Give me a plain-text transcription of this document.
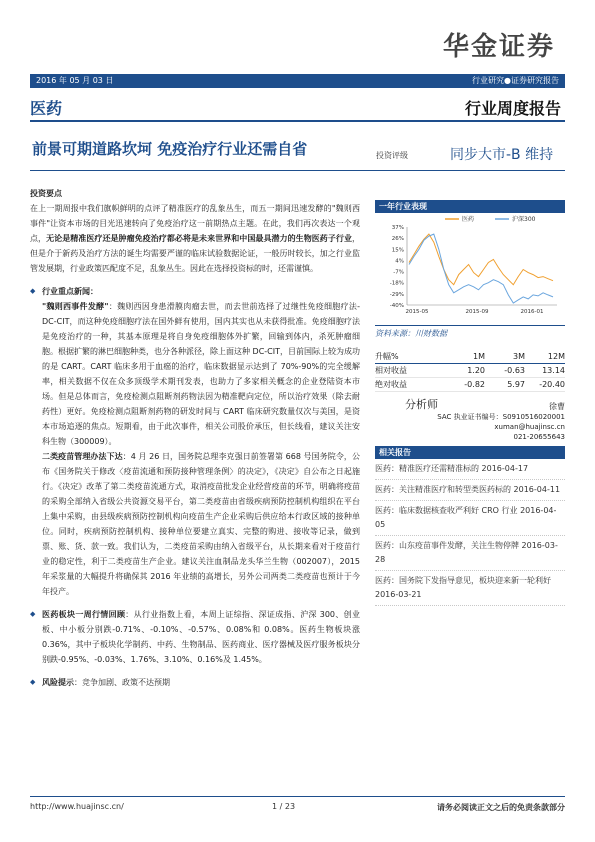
华金证券
2016 年 05 月 03 日	行业研究●证券研究报告
医药	行业周度报告
前景可期道路坎坷 免疫治疗行业还需自省	投资评级	同步大市-B 维持

投资要点

在上一期周报中我们旗帜鲜明的点评了精准医疗的乱象丛生，而五一期间迅速发酵的"魏则西事件"让资本市场的目光迅速转向了免疫治疗这一前期热点主题。在此，我们再次表达一个观点，无论是精准医疗还是肿瘤免疫治疗都必将是未来世界和中国最具潜力的生物医药子行业，但是介于新药及治疗方法的诞生均需要严谨的临床试验数据论证，一般历时较长，加之行业监管发展期，行业政策匹配度不足，乱象丛生。因此在选择投资标的时，还需谨慎。

◆ 行业重点新闻：

"魏则西事件发酵"：魏则西因身患滑膜肉瘤去世，而去世前选择了过继性免疫细胞疗法-DC-CIT，而这种免疫细胞疗法在国外鲜有使用，国内其实也从未获得批准。免疫细胞疗法是免疫治疗的一种，其基本原理是将自身免疫细胞体外扩繁，回输到体内，杀死肿瘤细胞。根据扩繁的淋巴细胞种类，也分各种派径，除上面这种 DC-CIT，目前国际上较为成功的是 CART。CART 临床多用于血癌的治疗，临床数据显示达到了 70%-90%的完全缓解率，相关数据不仅在众多顶级学术期刊发表，也助力了多家相关概念的企业登陆资本市场。但是总体而言，免疫检测点阻断剂药物法因为精准靶向定位，所以治疗效果（除去耐药性）更好。免疫检测点阻断剂药物的研发时间与 CART 临床研究数量仅次与美国，是资本市场追逐的焦点。短期看，由于此次事件，相关公司股价承压，但长线看，建议关注安科生物（300009）。

二类疫苗管理办法下达：4 月 26 日，国务院总理李克强日前签署第 668 号国务院令，公布《国务院关于修改〈疫苗流通和预防接种管理条例〉的决定》，《决定》自公布之日起施行。《决定》改革了第二类疫苗流通方式，取消疫苗批发企业经营疫苗的环节，明确将疫苗的采购全部纳入省级公共资源交易平台，第二类疫苗由省级疾病预防控制机构组织在平台上集中采购，由县级疾病预防控制机构向疫苗生产企业采购后供应给本行政区域的接种单位。同时，疾病预防控制机构、接种单位要建立真实、完整的购进、接收等记录，做到票、账、货、款一致。我们认为，二类疫苗采购由纳入省级平台，从长期来看对于疫苗行业的稳定性，利于二类疫苗生产企业。建议关注血制品龙头华兰生物（002007），2015 年采浆量的大幅提升将确保其 2016 年业绩的高增长，另外公司两类二类疫苗也预计于今年投产。

◆ 医药板块一周行情回顾：从行业指数上看，本周上证综指、深证成指、沪深 300、创业板、中小板分别跌-0.71%、-0.10%、-0.57%、0.08%和 0.08%。医药生物板块涨 0.36%，其中子板块化学制药、中药、生物制品、医药商业、医疗器械及医疗服务板块分别跌-0.95%、-0.03%、1.76%、3.10%、0.16%及 1.45%。

◆ 风险提示：竞争加剧、政策不达预期

一年行业表现
37%
26%
15%
4%
-7%
-18%
-29%
-40%
2015-05	2015-09	2016-01
医药	沪深300
资料来源：川财数据
升幅%	1M	3M	12M
相对收益	1.20	-0.63	13.14
绝对收益	-0.82	5.97	-20.40
分析师	徐曹
SAC 执业证书编号：S0910516020001
xuman@huajinsc.cn
021-20655643
相关报告
医药：精准医疗还需精准标的 2016-04-17
医药：关注精准医疗和转型类医药标的 2016-04-11
医药：临床数据核查收严利好 CRO 行业 2016-04-05
医药：山东疫苗事件发酵，关注生物停牌 2016-03-28
医药：国务院下发指导意见，板块迎来新一轮利好 2016-03-21
http://www.huajinsc.cn/	1 / 23	请务必阅读正文之后的免责条款部分
